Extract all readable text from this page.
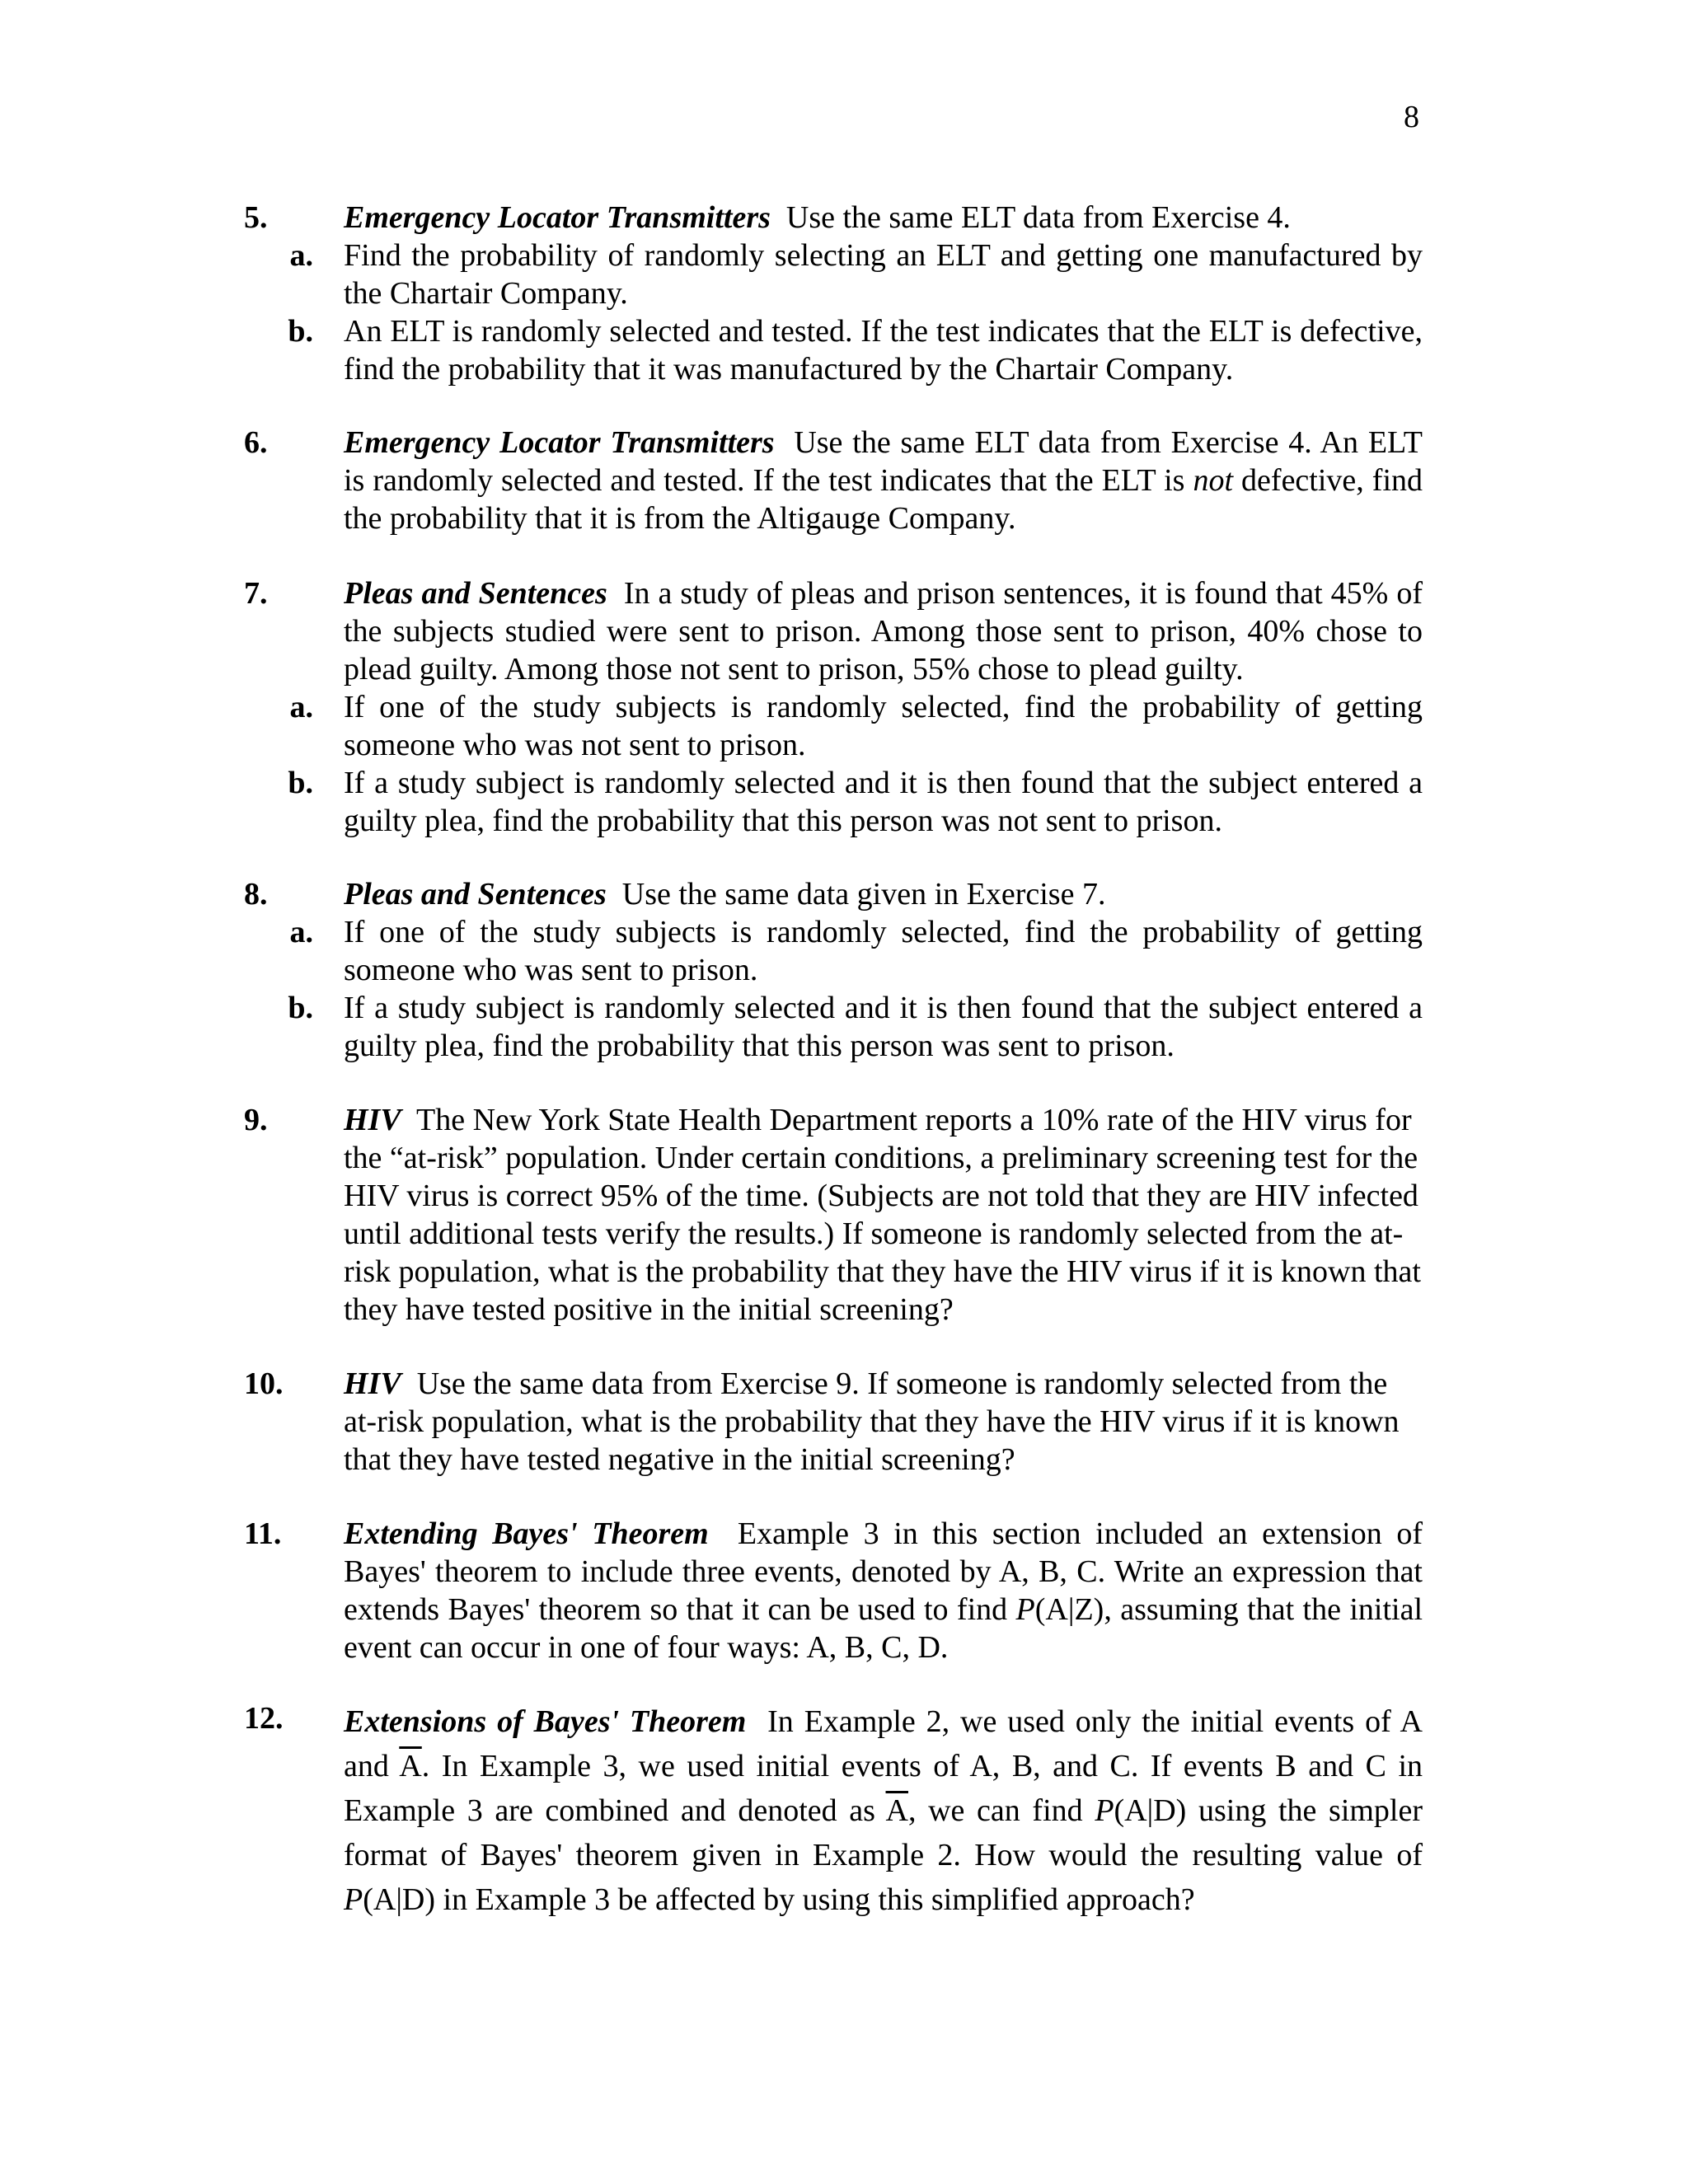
8
5.	Emergency Locator Transmitters Use the same ELT data from Exercise 4.
a. Find the probability of randomly selecting an ELT and getting one manufactured by the Chartair Company.
b. An ELT is randomly selected and tested. If the test indicates that the ELT is defective, find the probability that it was manufactured by the Chartair Company.
6.	Emergency Locator Transmitters Use the same ELT data from Exercise 4. An ELT is randomly selected and tested. If the test indicates that the ELT is not defective, find the probability that it is from the Altigauge Company.
7.	Pleas and Sentences In a study of pleas and prison sentences, it is found that 45% of the subjects studied were sent to prison. Among those sent to prison, 40% chose to plead guilty. Among those not sent to prison, 55% chose to plead guilty.
a. If one of the study subjects is randomly selected, find the probability of getting someone who was not sent to prison.
b. If a study subject is randomly selected and it is then found that the subject entered a guilty plea, find the probability that this person was not sent to prison.
8.	Pleas and Sentences Use the same data given in Exercise 7.
a. If one of the study subjects is randomly selected, find the probability of getting someone who was sent to prison.
b. If a study subject is randomly selected and it is then found that the subject entered a guilty plea, find the probability that this person was sent to prison.
9.	HIV The New York State Health Department reports a 10% rate of the HIV virus for the “at-risk” population. Under certain conditions, a preliminary screening test for the HIV virus is correct 95% of the time. (Subjects are not told that they are HIV infected until additional tests verify the results.) If someone is randomly selected from the at-risk population, what is the probability that they have the HIV virus if it is known that they have tested positive in the initial screening?
10.	HIV Use the same data from Exercise 9. If someone is randomly selected from the at-risk population, what is the probability that they have the HIV virus if it is known that they have tested negative in the initial screening?
11.	Extending Bayes' Theorem Example 3 in this section included an extension of Bayes' theorem to include three events, denoted by A, B, C. Write an expression that extends Bayes' theorem so that it can be used to find P(A|Z), assuming that the initial event can occur in one of four ways: A, B, C, D.
12.	Extensions of Bayes' Theorem In Example 2, we used only the initial events of A and $\overline{A}$. In Example 3, we used initial events of A, B, and C. If events B and C in Example 3 are combined and denoted as $\overline{A}$, we can find P(A|D) using the simpler format of Bayes' theorem given in Example 2. How would the resulting value of P(A|D) in Example 3 be affected by using this simplified approach?
